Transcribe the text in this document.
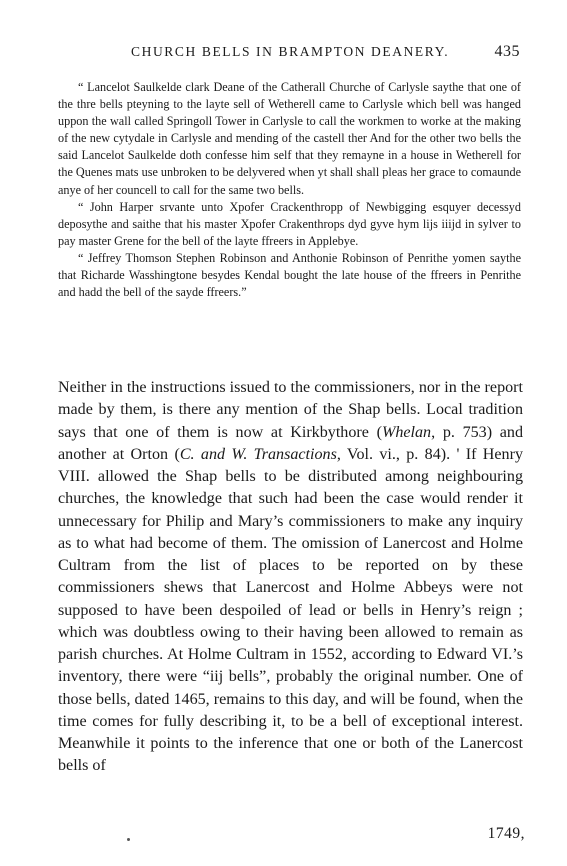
CHURCH BELLS IN BRAMPTON DEANERY.	435

“ Lancelot Saulkelde clark Deane of the Catherall Churche of Carlysle saythe that one of the thre bells pteyning to the layte sell of Wetherell came to Carlysle which bell was hanged uppon the wall called Springoll Tower in Carlysle to call the workmen to worke at the making of the new cytydale in Carlysle and mending of the castell ther And for the other two bells the said Lancelot Saulkelde doth confesse him self that they remayne in a house in Wetherell for the Quenes mats use unbroken to be delyvered when yt shall shall pleas her grace to comaunde anye of her councell to call for the same two bells.

“ John Harper srvante unto Xpofer Crackenthropp of Newbigging esquyer decessyd deposythe and saithe that his master Xpofer Crakenthrops dyd gyve hym lijs iiijd in sylver to pay master Grene for the bell of the layte ffreers in Applebye.

“ Jeffrey Thomson Stephen Robinson and Anthonie Robinson of Penrithe yomen saythe that Richarde Wasshingtone besydes Kendal bought the late house of the ffreers in Penrithe and hadd the bell of the sayde ffreers.”

Neither in the instructions issued to the commissioners, nor in the report made by them, is there any mention of the Shap bells. Local tradition says that one of them is now at Kirkbythore (Whelan, p. 753) and another at Orton (C. and W. Transactions, Vol. vi., p. 84). ' If Henry VIII. allowed the Shap bells to be distributed among neighbouring churches, the knowledge that such had been the case would render it unnecessary for Philip and Mary’s commissioners to make any inquiry as to what had become of them. The omission of Lanercost and Holme Cultram from the list of places to be reported on by these commissioners shews that Lanercost and Holme Abbeys were not supposed to have been despoiled of lead or bells in Henry’s reign ; which was doubtless owing to their having been allowed to remain as parish churches. At Holme Cultram in 1552, according to Edward VI.’s inventory, there were “iij bells”, probably the original number. One of those bells, dated 1465, remains to this day, and will be found, when the time comes for fully describing it, to be a bell of exceptional interest. Meanwhile it points to the inference that one or both of the Lanercost bells of

1749,
